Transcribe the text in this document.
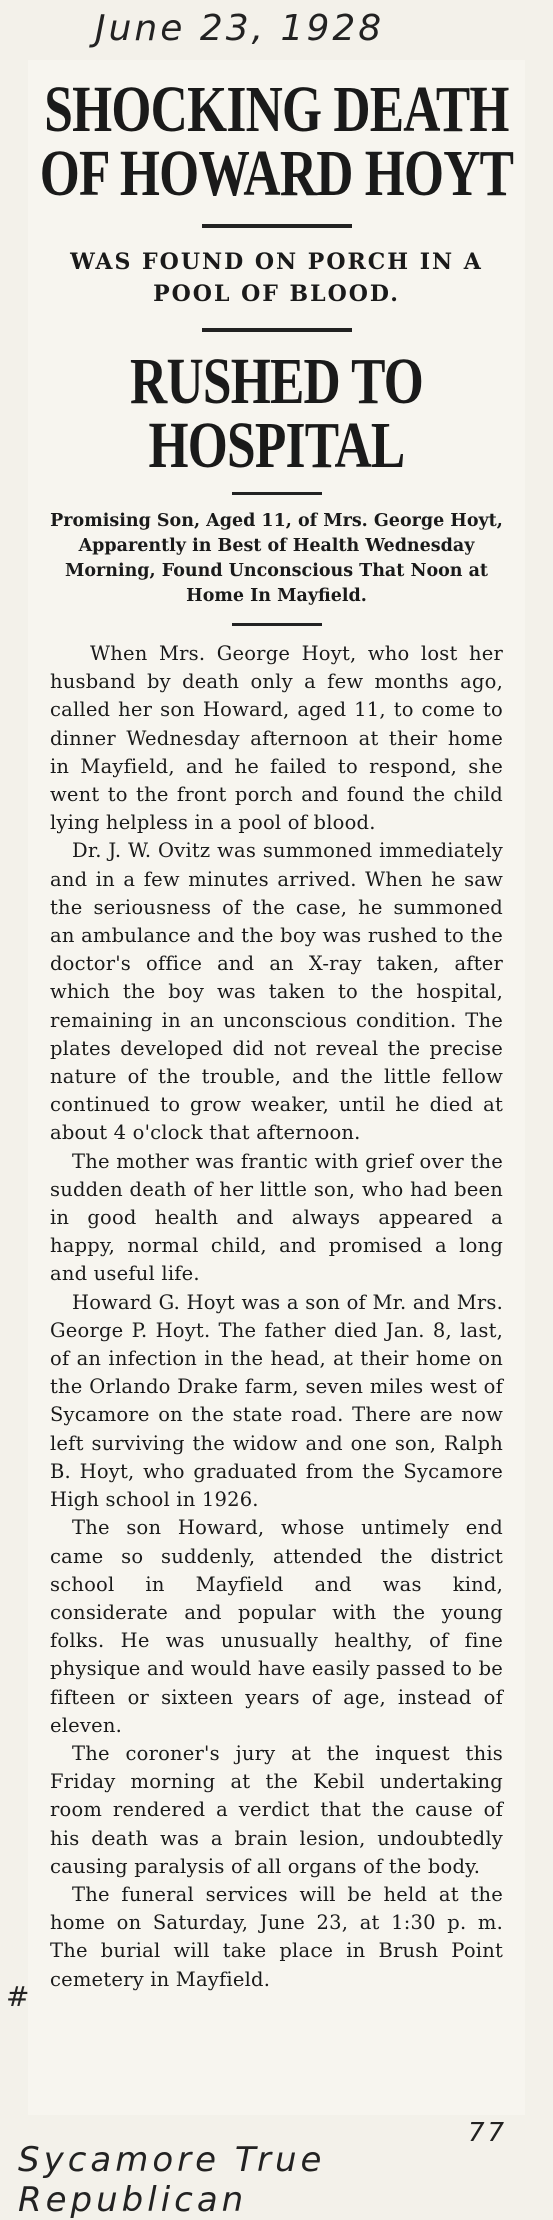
June 23, 1928
SHOCKING DEATH
OF HOWARD HOYT
WAS FOUND ON PORCH IN A POOL OF BLOOD.
RUSHED TO HOSPITAL
Promising Son, Aged 11, of Mrs. George Hoyt, Apparently in Best of Health Wednesday Morning, Found Unconscious That Noon at Home In Mayfield.

When Mrs. George Hoyt, who lost her husband by death only a few months ago, called her son Howard, aged 11, to come to dinner Wednesday afternoon at their home in Mayfield, and he failed to respond, she went to the front porch and found the child lying helpless in a pool of blood.

Dr. J. W. Ovitz was summoned immediately and in a few minutes arrived. When he saw the seriousness of the case, he summoned an ambulance and the boy was rushed to the doctor's office and an X-ray taken, after which the boy was taken to the hospital, remaining in an unconscious condition. The plates developed did not reveal the precise nature of the trouble, and the little fellow continued to grow weaker, until he died at about 4 o'clock that afternoon.

The mother was frantic with grief over the sudden death of her little son, who had been in good health and always appeared a happy, normal child, and promised a long and useful life.

Howard G. Hoyt was a son of Mr. and Mrs. George P. Hoyt. The father died Jan. 8, last, of an infection in the head, at their home on the Orlando Drake farm, seven miles west of Sycamore on the state road. There are now left surviving the widow and one son, Ralph B. Hoyt, who graduated from the Sycamore High school in 1926.

The son Howard, whose untimely end came so suddenly, attended the district school in Mayfield and was kind, considerate and popular with the young folks. He was unusually healthy, of fine physique and would have easily passed to be fifteen or sixteen years of age, instead of eleven.

The coroner's jury at the inquest this Friday morning at the Kebil undertaking room rendered a verdict that the cause of his death was a brain lesion, undoubtedly causing paralysis of all organs of the body.

The funeral services will be held at the home on Saturday, June 23, at 1:30 p. m. The burial will take place in Brush Point cemetery in Mayfield.

#
77
Sycamore True Republican
